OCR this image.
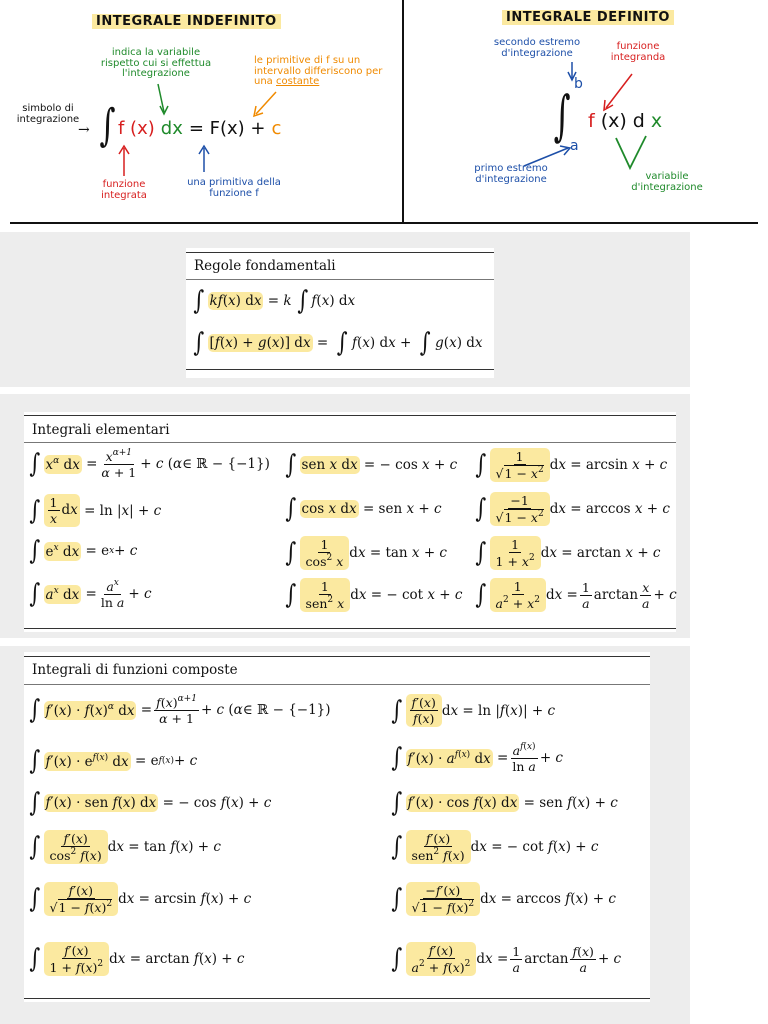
INTEGRALE INDEFINITO
indica la variabile rispetto cui si effettua l'integrazione
le primitive di f su un intervallo differiscono per una costante
simbolo di integrazione
→ ∫ f (x) dx = F(x) + c
funzione integrata
una primitiva della funzione f
INTEGRALE DEFINITO
secondo estremo d'integrazione
funzione integranda
b
∫ a
f (x) d x
primo estremo d'integrazione	variabile d'integrazione
Regole fondamentali
∫ kf(x) dx = k
∫ f ( x ) d x
∫ [f(x) + g(x)] dx = ∫ f ( x ) d x + ∫ g ( x ) d x
Integrali elementari
∫ $x^\alpha$ dx = $\frac{x^{\alpha+1}}{\alpha + 1} + c$ ( α ∈ ℝ − {−1})
∫ $\frac{1}{x}$ dx = ln | x | + c
∫ $e^x$ dx = e x + c
∫ $a^x$ dx = $\frac{a^x}{\text{ln a}} + c$
∫ sen x dx = − cos x + c
∫ cos x dx = sen x + c
∫ $\frac{1}{\cos^2 x}$ d x = tan x + c
∫ $\frac{1}{sen^2 x}$ d x = − cot x + c
∫ $\frac{1}{√1 - x^2}$ d x = arcsin x + c
∫ $\frac{-1}{√1 - x^2}$ d x = arccos x + c
∫ $\frac{1}{1 + x^2}$ d x = arctan x + c
∫ $\frac{1}{a^2 + x^2}$ d $x = \frac{1}{a}$ $\arctan \frac{x}{a} + c$
Integrali di funzioni composte
∫ $f'(x) \cdot f(x)^\alpha$ dx = $\frac{f(x)^{\alpha+1}}{\alpha + 1} + c$ ( α ∈ ℝ − {−1})
∫ $f'(x) \cdot e^{f(x)}$ dx = e f(x) + c
∫ f′(x) · sen f(x) dx = − cos f ( x ) + c
∫ $\frac{f'(x)}{\cos^2 f(x)}$ d x = tan f ( x ) + c
∫ $\frac{f'(x)}{√1 - f(x)^2}$ d x = arcsin f ( x ) + c
∫ $\frac{f'(x)}{1 + f(x)^2}$ d x = arctan f ( x ) + c
∫ $\frac{f'(x)}{f(x)}$ d x = ln | f ( x )| + c
∫ $f'(x) \cdot a^{f(x)}$ dx = $\frac{a^{f(x)}}{\text{ln a}} + c$
∫ f′(x) · cos f(x) dx = sen f ( x ) + c
∫ $\frac{f'(x)}{sen^2 f(x)}$ d x = − cot f ( x ) + c
∫ $\frac{-f'(x)}{√1 - f(x)^2}$ d x = arccos f ( x ) + c
∫ $\frac{f'(x)}{a^2 + f(x)^2}$ d $x = \frac{1}{a}$ $\arctan \frac{f(x)}{a} + c$
